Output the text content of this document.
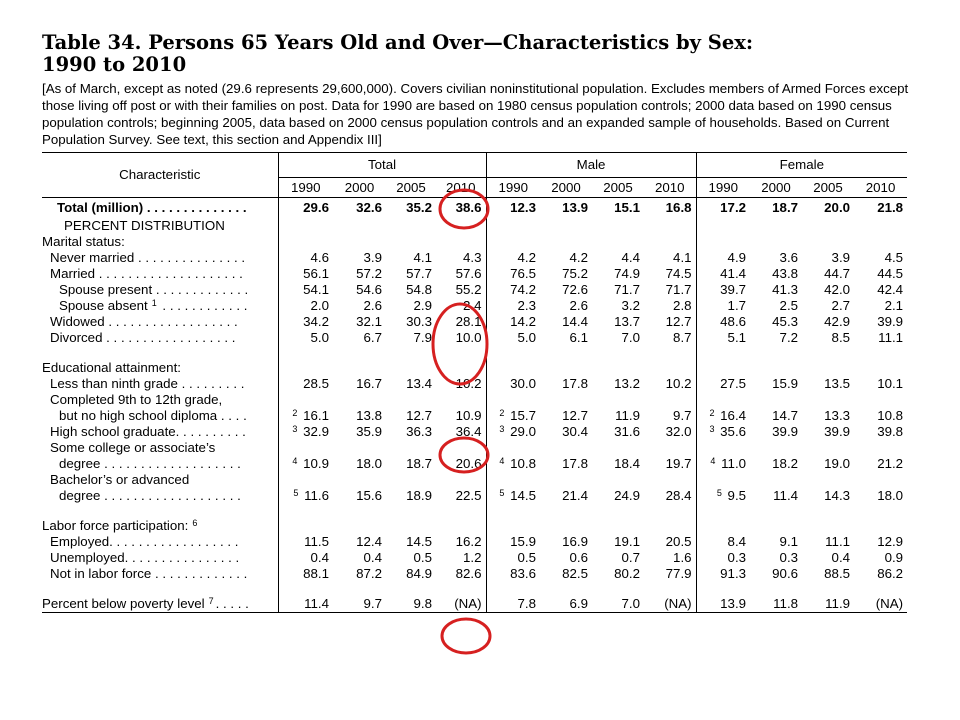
Table 34. Persons 65 Years Old and Over—Characteristics by Sex:
1990 to 2010
[As of March, except as noted (29.6 represents 29,600,000). Covers civilian noninstitutional population. Excludes members of Armed Forces except those living off post or with their families on post. Data for 1990 are based on 1980 census population controls; 2000 data based on 1990 census population controls; beginning 2005, data based on 2000 census population controls and an expanded sample of households. Based on Current Population Survey. See text, this section and Appendix III]
Characteristic	Total				Male				Female			
	1990	2000	2005	2010	1990	2000	2005	2010	1990	2000	2005	2010
Total (million) . . . . . . . . . . . . . .	29.6	32.6	35.2	38.6	12.3	13.9	15.1	16.8	17.2	18.7	20.0	21.8
PERCENT DISTRIBUTION												
Marital status:												
Never married . . . . . . . . . . . . . . .	4.6	3.9	4.1	4.3	4.2	4.2	4.4	4.1	4.9	3.6	3.9	4.5
Married . . . . . . . . . . . . . . . . . . . .	56.1	57.2	57.7	57.6	76.5	75.2	74.9	74.5	41.4	43.8	44.7	44.5
Spouse present . . . . . . . . . . . . .	54.1	54.6	54.8	55.2	74.2	72.6	71.7	71.7	39.7	41.3	42.0	42.4
Spouse absent $^1$ . . . . . . . . . . . .	2.0	2.6	2.9	2.4	2.3	2.6	3.2	2.8	1.7	2.5	2.7	2.1
Widowed . . . . . . . . . . . . . . . . . .	34.2	32.1	30.3	28.1	14.2	14.4	13.7	12.7	48.6	45.3	42.9	39.9
Divorced . . . . . . . . . . . . . . . . . .	5.0	6.7	7.9	10.0	5.0	6.1	7.0	8.7	5.1	7.2	8.5	11.1

Educational attainment:												
Less than ninth grade . . . . . . . . .	28.5	16.7	13.4	10.2	30.0	17.8	13.2	10.2	27.5	15.9	13.5	10.1
Completed 9th to 12th grade,												
but no high school diploma . . . .	$^2$ 16.1	13.8	12.7	10.9	$^2$ 15.7	12.7	11.9	9.7	$^2$ 16.4	14.7	13.3	10.8
High school graduate. . . . . . . . . .	$^3$ 32.9	35.9	36.3	36.4	$^3$ 29.0	30.4	31.6	32.0	$^3$ 35.6	39.9	39.9	39.8
Some college or associate’s												
degree . . . . . . . . . . . . . . . . . . .	$^4$ 10.9	18.0	18.7	20.6	$^4$ 10.8	17.8	18.4	19.7	$^4$ 11.0	18.2	19.0	21.2
Bachelor’s or advanced												
degree . . . . . . . . . . . . . . . . . . .	$^5$ 11.6	15.6	18.9	22.5	$^5$ 14.5	21.4	24.9	28.4	$^5$ 9.5	11.4	14.3	18.0

Labor force participation: $^6$												
Employed. . . . . . . . . . . . . . . . . .	11.5	12.4	14.5	16.2	15.9	16.9	19.1	20.5	8.4	9.1	11.1	12.9
Unemployed. . . . . . . . . . . . . . . .	0.4	0.4	0.5	1.2	0.5	0.6	0.7	1.6	0.3	0.3	0.4	0.9
Not in labor force . . . . . . . . . . . . .	88.1	87.2	84.9	82.6	83.6	82.5	80.2	77.9	91.3	90.6	88.5	86.2

Percent below poverty level $^7$ . . . . .	11.4	9.7	9.8	(NA)	7.8	6.9	7.0	(NA)	13.9	11.8	11.9	(NA)
